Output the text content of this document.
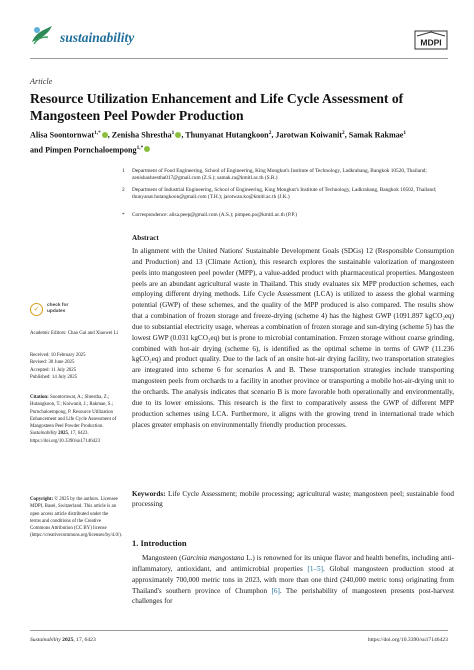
sustainability	MDPI
Article
Resource Utilization Enhancement and Life Cycle Assessment of Mangosteen Peel Powder Production
Alisa Soontornwat$^{1,*}$ , Zenisha Shrestha$^1$ , Thunyanat Hutangkoon$^2$, Jarotwan Koiwanit$^2$, Samak Rakmae$^1$
and Pimpen Pornchaloempong$^{1,*}$
1 Department of Food Engineering, School of Engineering, King Mongkut's Institute of Technology, Ladkrabang, Bangkok 10520, Thailand; zenishashrestha017@gmail.com (Z.S.); samak.ra@kmitl.ac.th (S.R.)
2 Department of Industrial Engineering, School of Engineering, King Mongkut's Institute of Technology, Ladkrabang, Bangkok 10502, Thailand; thunyanat.hutangkoon@gmail.com (T.H.); jarotwan.ko@kmitl.ac.th (J.K.)
* Correspondence: alisa.peep@gmail.com (A.S.); pimpen.po@kmitl.ac.th (P.P.)
Abstract
In alignment with the United Nations' Sustainable Development Goals (SDGs) 12 (Responsible Consumption and Production) and 13 (Climate Action), this research explores the sustainable valorization of mangosteen peels into mangosteen peel powder (MPP), a value-added product with pharmaceutical properties. Mangosteen peels are an abundant agricultural waste in Thailand. This study evaluates six MPP production schemes, each employing different drying methods. Life Cycle Assessment (LCA) is utilized to assess the global warming potential (GWP) of these schemes, and the quality of the MPP produced is also compared. The results show that a combination of frozen storage and freeze-drying (scheme 4) has the highest GWP (1091.897 kgCO₂eq) due to substantial electricity usage, whereas a combination of frozen storage and sun-drying (scheme 5) has the lowest GWP (0.031 kgCO₂eq) but is prone to microbial contamination. Frozen storage without coarse grinding, combined with hot-air drying (scheme 6), is identified as the optimal scheme in terms of GWP (11.236 kgCO₂eq) and product quality. Due to the lack of an onsite hot-air drying facility, two transportation strategies are integrated into scheme 6 for scenarios A and B. These transportation strategies include transporting mangosteen peels from orchards to a facility in another province or transporting a mobile hot-air-drying unit to the orchards. The analysis indicates that scenario B is more favorable both operationally and environmentally, due to its lower emissions. This research is the first to comparatively assess the GWP of different MPP production schemes using LCA. Furthermore, it aligns with the growing trend in international trade which places greater emphasis on environmentally friendly production processes.
Keywords: Life Cycle Assessment; mobile processing; agricultural waste; mangosteen peel; sustainable food processing
1. Introduction
Mangosteen (Garcinia mangostana L.) is renowned for its unique flavor and health benefits, including anti-inflammatory, antioxidant, and antimicrobial properties [1–5]. Global mangosteen production stood at approximately 700,000 metric tons in 2023, with more than one third (240,000 metric tons) originating from Thailand's southern province of Chumphon [6]. The perishability of mangosteen presents post-harvest challenges for
✓	check for
updates
Academic Editors: Chao Gai and Xiaowei Li
Received: 10 February 2025
Revised: 30 June 2025
Accepted: 11 July 2025
Published: 14 July 2025
Citation: Soontornwat, A.; Shrestha, Z.; Hutangkoon, T.; Koiwanit, J.; Rakmae, S.; Pornchaloempong, P. Resource Utilization Enhancement and Life Cycle Assessment of Mangosteen Peel Powder Production. Sustainability 2025, 17, 6423. https://doi.org/10.3390/su17146423
Copyright: © 2025 by the authors. Licensee MDPI, Basel, Switzerland. This article is an open access article distributed under the terms and conditions of the Creative Commons Attribution (CC BY) license (https://creativecommons.org/licenses/by/4.0/).
Sustainability 2025, 17, 6423	https://doi.org/10.3390/su17146423
